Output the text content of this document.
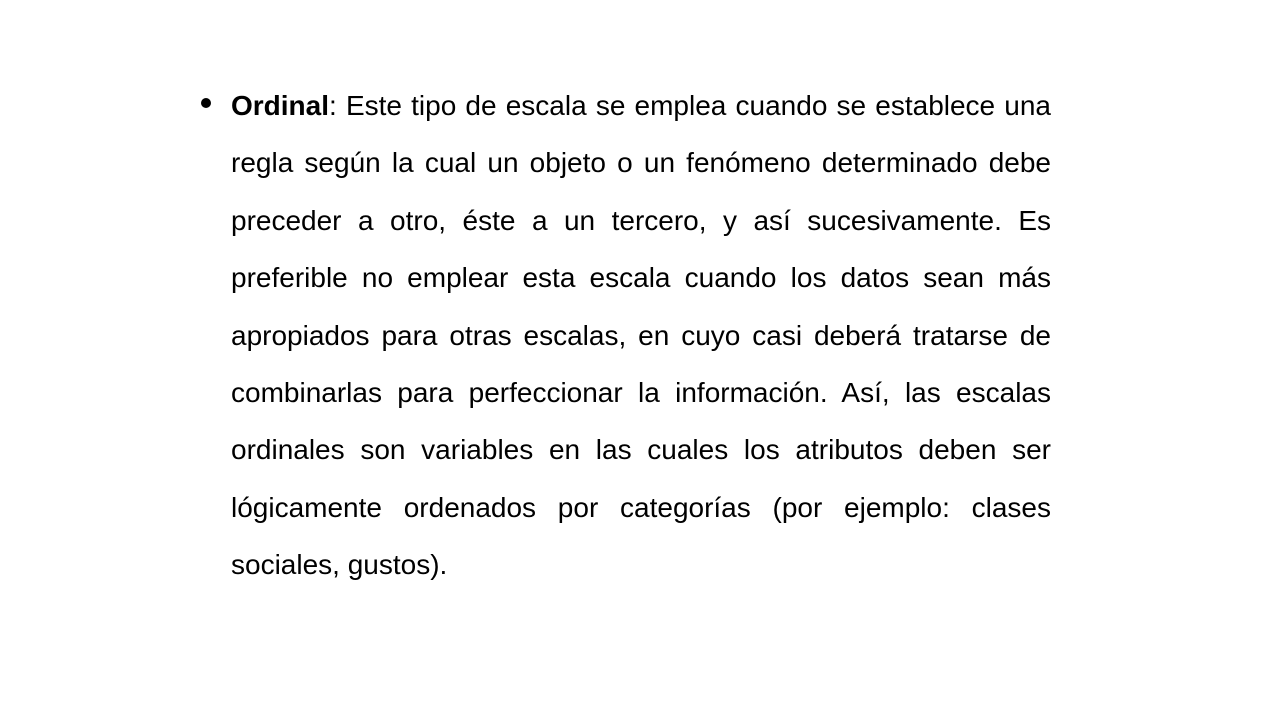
Ordinal: Este tipo de escala se emplea cuando se establece una regla según la cual un objeto o un fenómeno determinado debe preceder a otro, éste a un tercero, y así sucesivamente. Es preferible no emplear esta escala cuando los datos sean más apropiados para otras escalas, en cuyo casi deberá tratarse de combinarlas para perfeccionar la información. Así, las escalas ordinales son variables en las cuales los atributos deben ser lógicamente ordenados por categorías (por ejemplo: clases sociales, gustos).
